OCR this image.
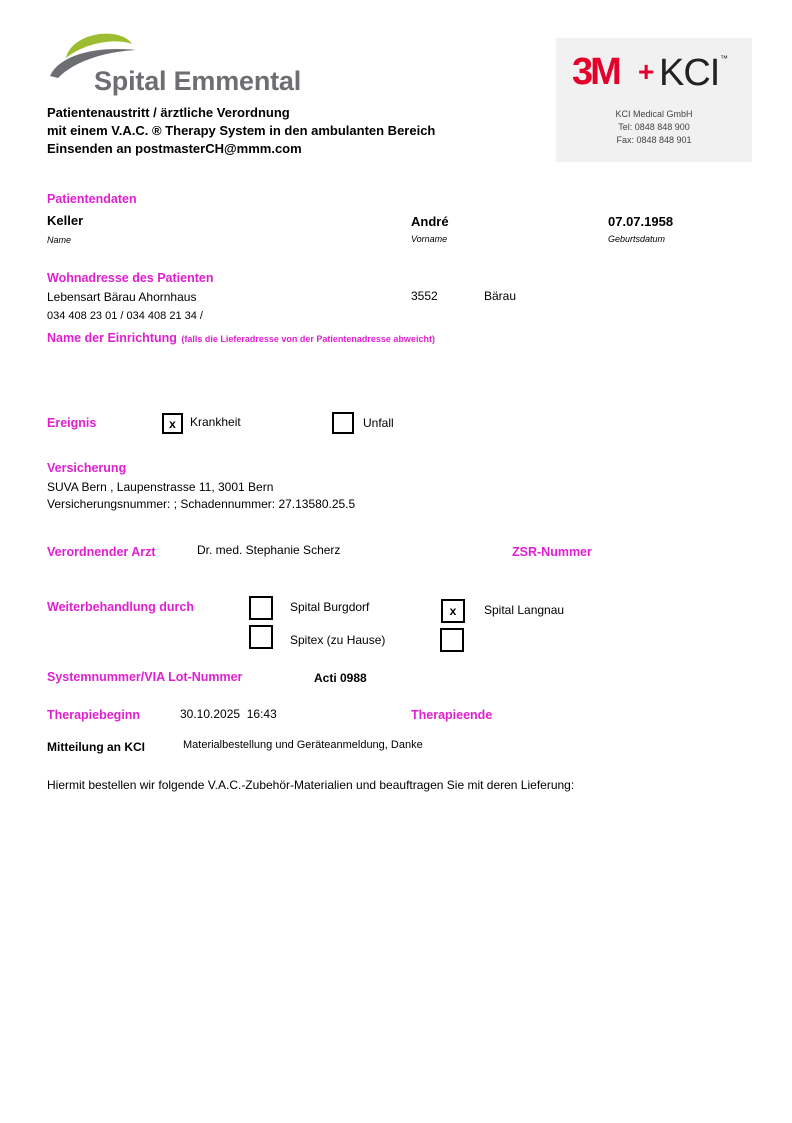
Spital Emmental
Patientenaustritt / ärztliche Verordnung
mit einem V.A.C. ® Therapy System in den ambulanten Bereich
Einsenden an postmasterCH@mmm.com
3M + KCI ™
KCI Medical GmbH
Tel: 0848 848 900
Fax: 0848 848 901
Patientendaten
Keller	André	07.07.1958
Name	Vorname	Geburtsdatum
Wohnadresse des Patienten
Lebensart Bärau Ahornhaus	3552	Bärau
034 408 23 01 / 034 408 21 34 /
Name der Einrichtung (falls die Lieferadresse von der Patientenadresse abweicht)
Ereignis	x	Krankheit	Unfall
Versicherung
SUVA Bern , Laupenstrasse 11, 3001 Bern
Versicherungsnummer: ; Schadennummer: 27.13580.25.5
Verordnender Arzt	Dr. med. Stephanie Scherz	ZSR-Nummer
Weiterbehandlung durch	Spital Burgdorf	x	Spital Langnau
Spitex (zu Hause)
Systemnummer/VIA Lot-Nummer	Acti 0988
Therapiebeginn	30.10.2025  16:43	Therapieende
Mitteilung an KCI	Materialbestellung und Geräteanmeldung, Danke
Hiermit bestellen wir folgende V.A.C.-Zubehör-Materialien und beauftragen Sie mit deren Lieferung:
